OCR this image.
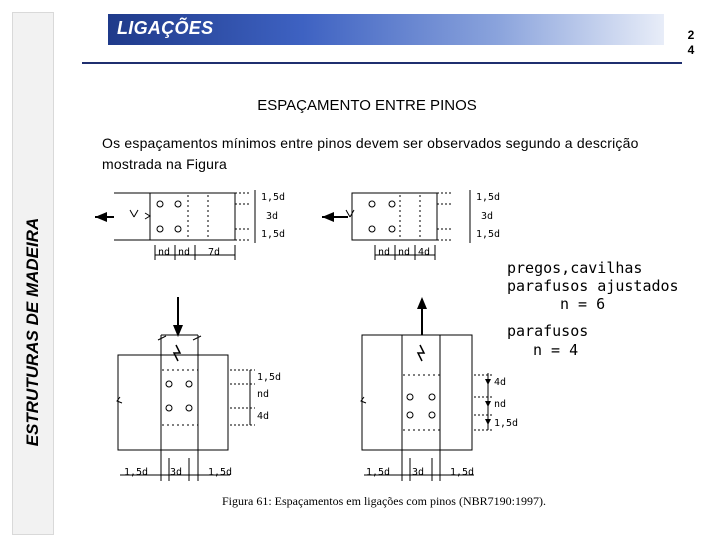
ESTRUTURAS DE MADEIRA
LIGAÇÕES	2
4
ESPAÇAMENTO ENTRE PINOS
Os espaçamentos mínimos entre pinos devem ser observados segundo a descrição mostrada na Figura
1,5d
3d
1,5d
nd nd 7d
1,5d
3d
1,5d
nd nd 4d
pregos,cavilhas
parafusos ajustados
n = 6
parafusos
n = 4
1,5d
nd
4d
1,5d 3d	1,5d
4d
nd
1,5d
1,5d 3d	1,5d
Figura 61: Espaçamentos em ligações com pinos (NBR7190:1997).
